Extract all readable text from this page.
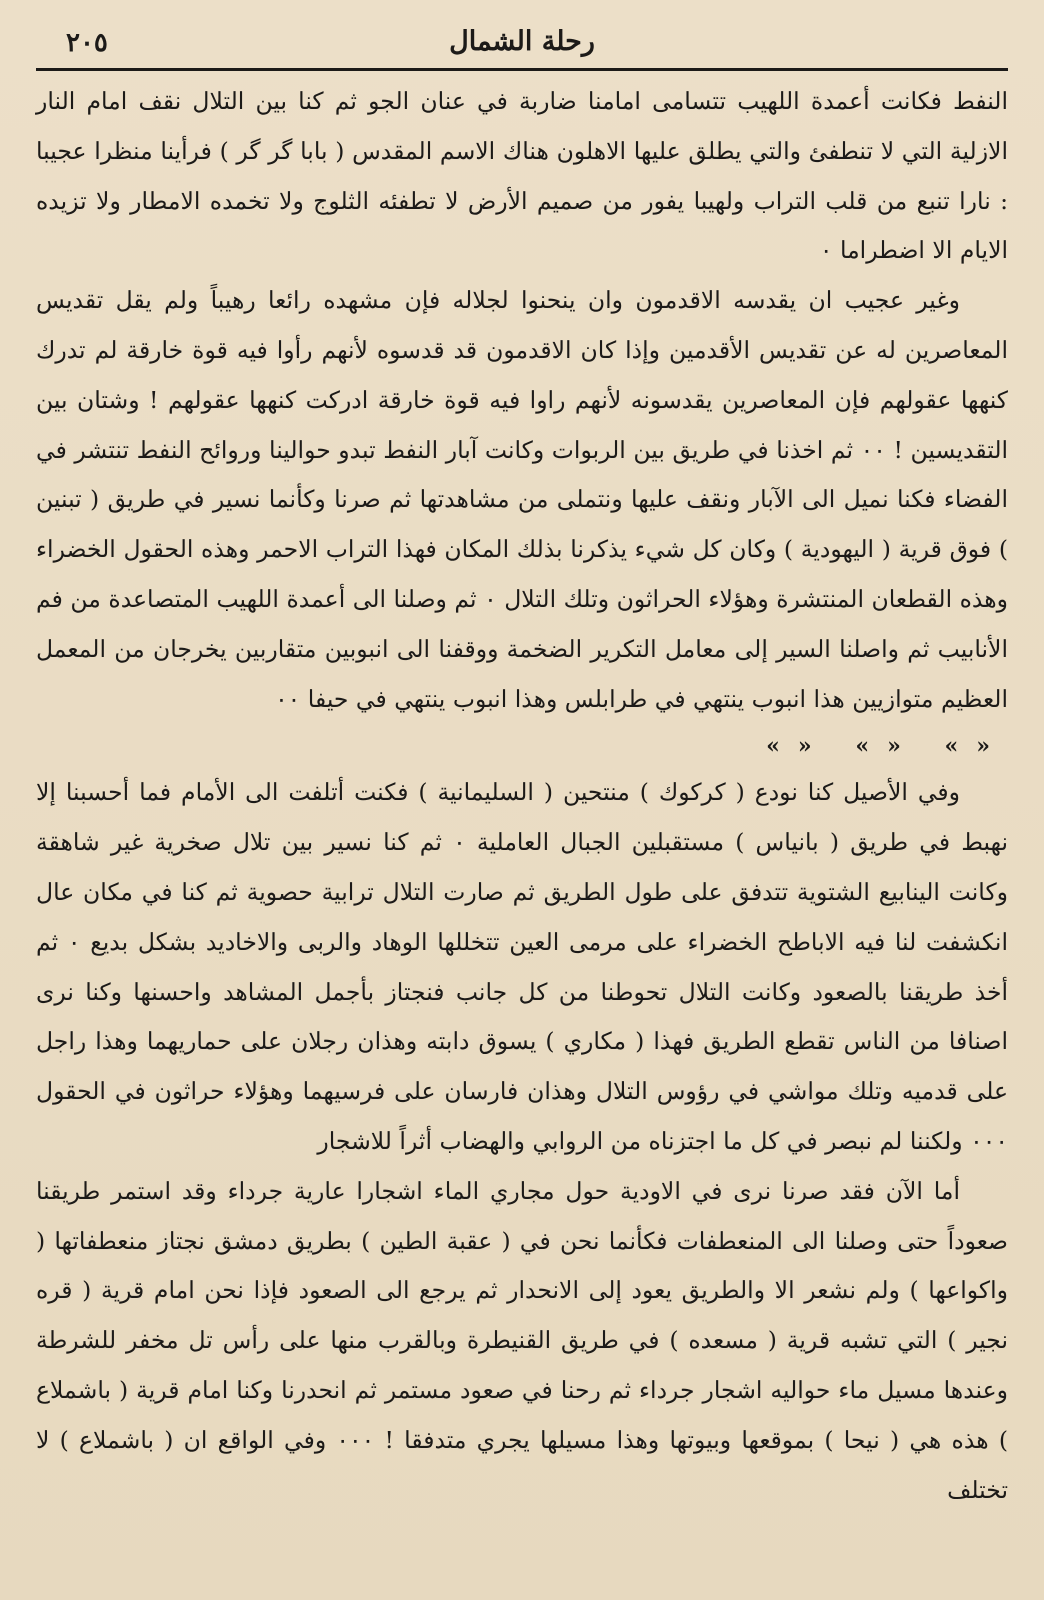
رحلة الشمال
٢٠٥

النفط فكانت أعمدة اللهيب تتسامى امامنا ضاربة في عنان الجو ثم كنا بين التلال نقف امام النار الازلية التي لا تنطفئ والتي يطلق عليها الاهلون هناك الاسم المقدس ( بابا گر گر ) فرأينا منظرا عجيبا : نارا تنبع من قلب التراب ولهيبا يفور من صميم الأرض لا تطفئه الثلوج ولا تخمده الامطار ولا تزيده الايام الا اضطراما ٠

وغير عجيب ان يقدسه الاقدمون وان ينحنوا لجلاله فإن مشهده رائعا رهيباً ولم يقل تقديس المعاصرين له عن تقديس الأقدمين وإذا كان الاقدمون قد قدسوه لأنهم رأوا فيه قوة خارقة لم تدرك كنهها عقولهم فإن المعاصرين يقدسونه لأنهم راوا فيه قوة خارقة ادركت كنهها عقولهم ! وشتان بين التقديسين ! ٠٠ ثم اخذنا في طريق بين الربوات وكانت آبار النفط تبدو حوالينا وروائح النفط تنتشر في الفضاء فكنا نميل الى الآبار ونقف عليها ونتملى من مشاهدتها ثم صرنا وكأنما نسير في طريق ( تبنين ) فوق قرية ( اليهودية ) وكان كل شيء يذكرنا بذلك المكان فهذا التراب الاحمر وهذه الحقول الخضراء وهذه القطعان المنتشرة وهؤلاء الحراثون وتلك التلال ٠ ثم وصلنا الى أعمدة اللهيب المتصاعدة من فم الأنابيب ثم واصلنا السير إلى معامل التكرير الضخمة ووقفنا الى انبوبين متقاربين يخرجان من المعمل العظيم متوازيين هذا انبوب ينتهي في طرابلس وهذا انبوب ينتهي في حيفا ٠٠

«» «» «»

وفي الأصيل كنا نودع ( كركوك ) منتحين ( السليمانية ) فكنت أتلفت الى الأمام فما أحسبنا إلا نهبط في طريق ( بانياس ) مستقبلين الجبال العاملية ٠ ثم كنا نسير بين تلال صخرية غير شاهقة وكانت الينابيع الشتوية تتدفق على طول الطريق ثم صارت التلال ترابية حصوية ثم كنا في مكان عال انكشفت لنا فيه الاباطح الخضراء على مرمى العين تتخللها الوهاد والربى والاخاديد بشكل بديع ٠ ثم أخذ طريقنا بالصعود وكانت التلال تحوطنا من كل جانب فنجتاز بأجمل المشاهد واحسنها وكنا نرى اصنافا من الناس تقطع الطريق فهذا ( مكاري ) يسوق دابته وهذان رجلان على حماريهما وهذا راجل على قدميه وتلك مواشي في رؤوس التلال وهذان فارسان على فرسيهما وهؤلاء حراثون في الحقول ٠٠٠ ولكننا لم نبصر في كل ما اجتزناه من الروابي والهضاب أثراً للاشجار

أما الآن فقد صرنا نرى في الاودية حول مجاري الماء اشجارا عارية جرداء وقد استمر طريقنا صعوداً حتى وصلنا الى المنعطفات فكأنما نحن في ( عقبة الطين ) بطريق دمشق نجتاز منعطفاتها ( واكواعها ) ولم نشعر الا والطريق يعود إلى الانحدار ثم يرجع الى الصعود فإذا نحن امام قرية ( قره نجير ) التي تشبه قرية ( مسعده ) في طريق القنيطرة وبالقرب منها على رأس تل مخفر للشرطة وعندها مسيل ماء حواليه اشجار جرداء ثم رحنا في صعود مستمر ثم انحدرنا وكنا امام قرية ( باشملاع ) هذه هي ( نيحا ) بموقعها وبيوتها وهذا مسيلها يجري متدفقا ! ٠٠٠ وفي الواقع ان ( باشملاع ) لا تختلف
